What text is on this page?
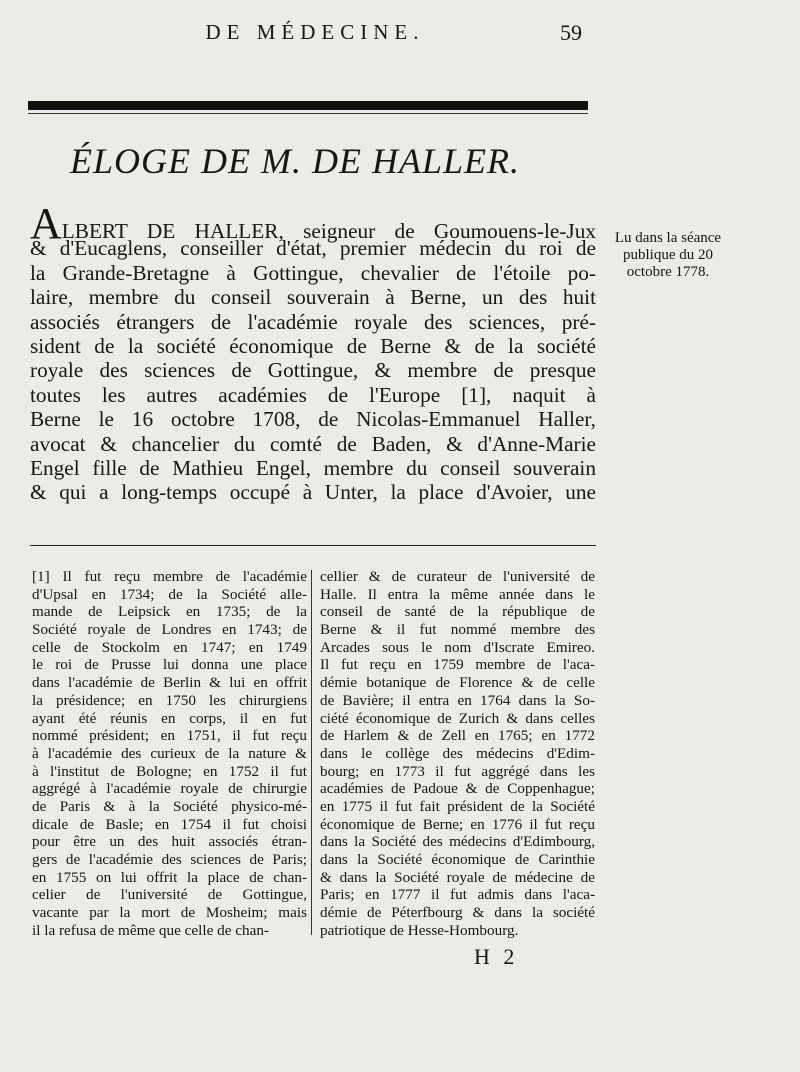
DE MÉDECINE.	59
ÉLOGE DE M. DE HALLER.
ALBERT DE HALLER, seigneur de Goumouens-le-Jux
& d'Eucaglens, conseiller d'état, premier médecin du roi de
la Grande-Bretagne à Gottingue, chevalier de l'étoile po-
laire, membre du conseil souverain à Berne, un des huit
associés étrangers de l'académie royale des sciences, pré-
sident de la société économique de Berne & de la société
royale des sciences de Gottingue, & membre de presque
toutes les autres académies de l'Europe [1], naquit à
Berne le 16 octobre 1708, de Nicolas-Emmanuel Haller,
avocat & chancelier du comté de Baden, & d'Anne-Marie
Engel fille de Mathieu Engel, membre du conseil souverain
& qui a long-temps occupé à Unter, la place d'Avoier, une
Lu dans la séance
publique du 20
octobre 1778.
[1] Il fut reçu membre de l'académie
d'Upsal en 1734; de la Société alle-
mande de Leipsick en 1735; de la
Société royale de Londres en 1743; de
celle de Stockolm en 1747; en 1749
le roi de Prusse lui donna une place
dans l'académie de Berlin & lui en offrit
la présidence; en 1750 les chirurgiens
ayant été réunis en corps, il en fut
nommé président; en 1751, il fut reçu
à l'académie des curieux de la nature &
à l'institut de Bologne; en 1752 il fut
aggrégé à l'académie royale de chirurgie
de Paris & à la Société physico-mé-
dicale de Basle; en 1754 il fut choisi
pour être un des huit associés étran-
gers de l'académie des sciences de Paris;
en 1755 on lui offrit la place de chan-
celier de l'université de Gottingue,
vacante par la mort de Mosheim; mais
il la refusa de même que celle de chan-
cellier & de curateur de l'université de
Halle. Il entra la même année dans le
conseil de santé de la république de
Berne & il fut nommé membre des
Arcades sous le nom d'Iscrate Emireo.
Il fut reçu en 1759 membre de l'aca-
démie botanique de Florence & de celle
de Bavière; il entra en 1764 dans la So-
ciété économique de Zurich & dans celles
de Harlem & de Zell en 1765; en 1772
dans le collège des médecins d'Edim-
bourg; en 1773 il fut aggrégé dans les
académies de Padoue & de Coppenhague;
en 1775 il fut fait président de la Société
économique de Berne; en 1776 il fut reçu
dans la Société des médecins d'Edimbourg,
dans la Société économique de Carinthie
& dans la Société royale de médecine de
Paris; en 1777 il fut admis dans l'aca-
démie de Péterfbourg & dans la société
patriotique de Hesse-Hombourg.
H 2
